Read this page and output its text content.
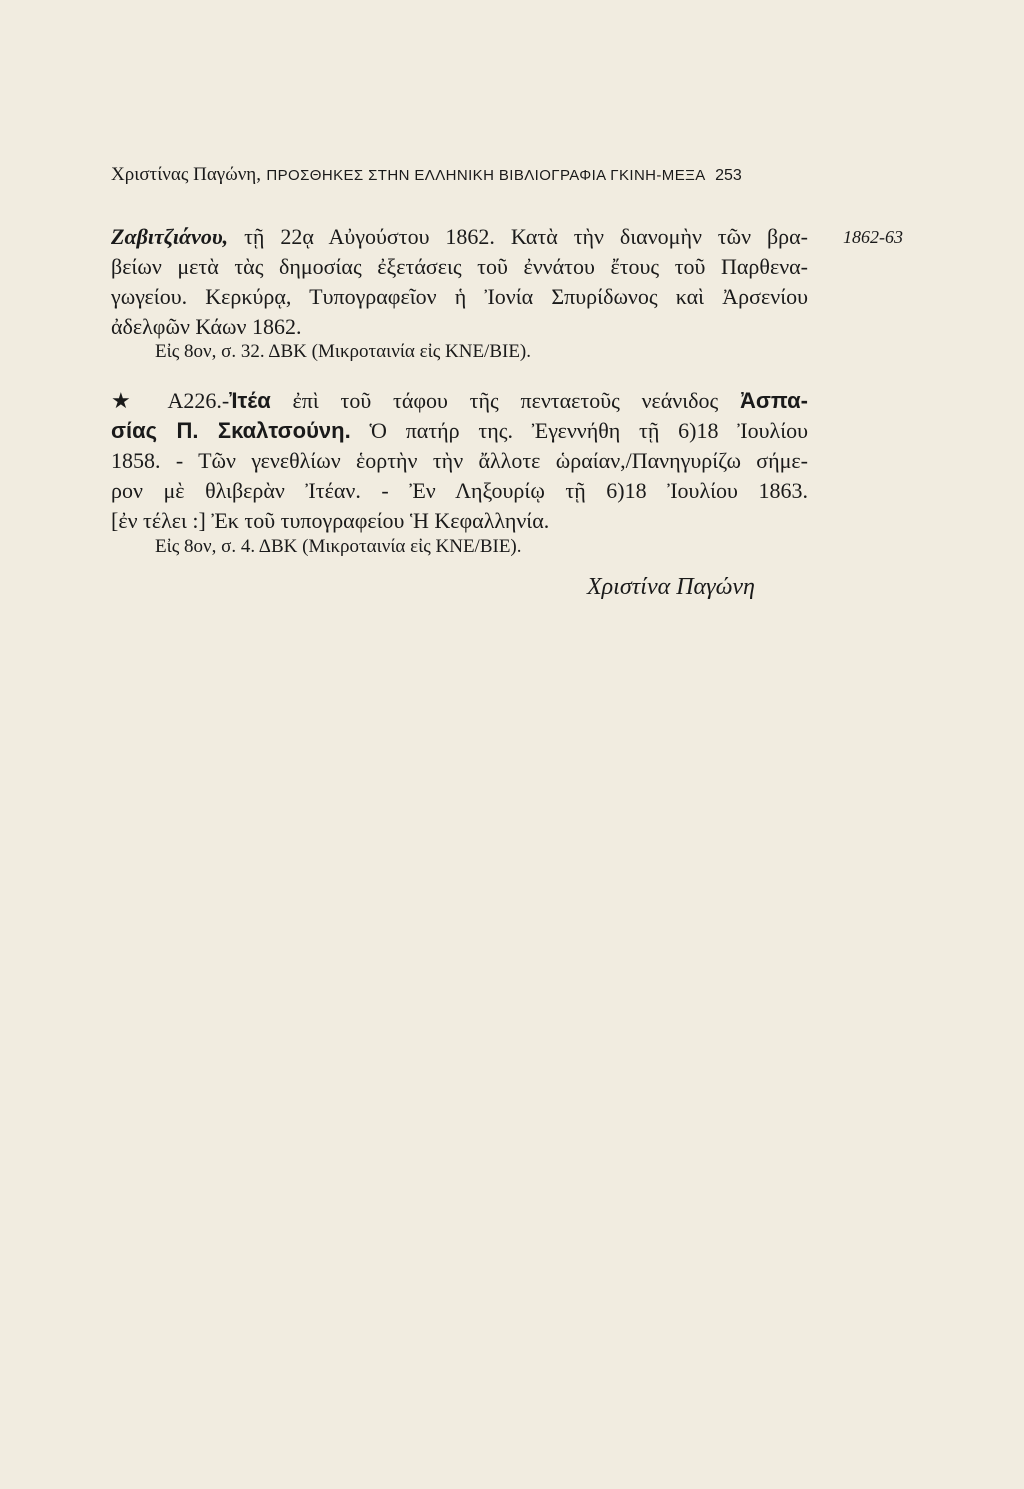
Χριστίνας Παγώνη, ΠΡΟΣΘΗΚΕΣ ΣΤΗΝ ΕΛΛΗΝΙΚΗ ΒΙΒΛΙΟΓΡΑΦΙΑ ΓΚΙΝΗ-ΜΕΞΑ 253
1862-63
Ζαβιτζιάνου, τῇ 22ᾳ Αὐγούστου 1862. Κατὰ τὴν διανομὴν τῶν βρα-
βείων μετὰ τὰς δημοσίας ἐξετάσεις τοῦ ἐννάτου ἔτους τοῦ Παρθενα-
γωγείου. Κερκύρᾳ, Τυπογραφεῖον ἡ Ἰονία Σπυρίδωνος καὶ Ἀρσενίου
ἀδελφῶν Κάων 1862.
Εἰς 8ον, σ. 32. ΔΒΚ (Μικροταινία εἰς ΚΝΕ/ΒΙΕ).
★ Α226.-Ἰτέα ἐπὶ τοῦ τάφου τῆς πενταετοῦς νεάνιδος Ἀσπα-
σίας Π. Σκαλτσούνη. Ὁ πατήρ της. Ἐγεννήθη τῇ 6)18 Ἰουλίου
1858. - Τῶν γενεθλίων ἑορτὴν τὴν ἄλλοτε ὡραίαν,/Πανηγυρίζω σήμε-
ρον μὲ θλιβερὰν Ἰτέαν. - Ἐν Ληξουρίῳ τῇ 6)18 Ἰουλίου 1863.
[ἐν τέλει :] Ἐκ τοῦ τυπογραφείου Ἡ Κεφαλληνία.
Εἰς 8ον, σ. 4. ΔΒΚ (Μικροταινία εἰς ΚΝΕ/ΒΙΕ).
Χριστίνα Παγώνη
